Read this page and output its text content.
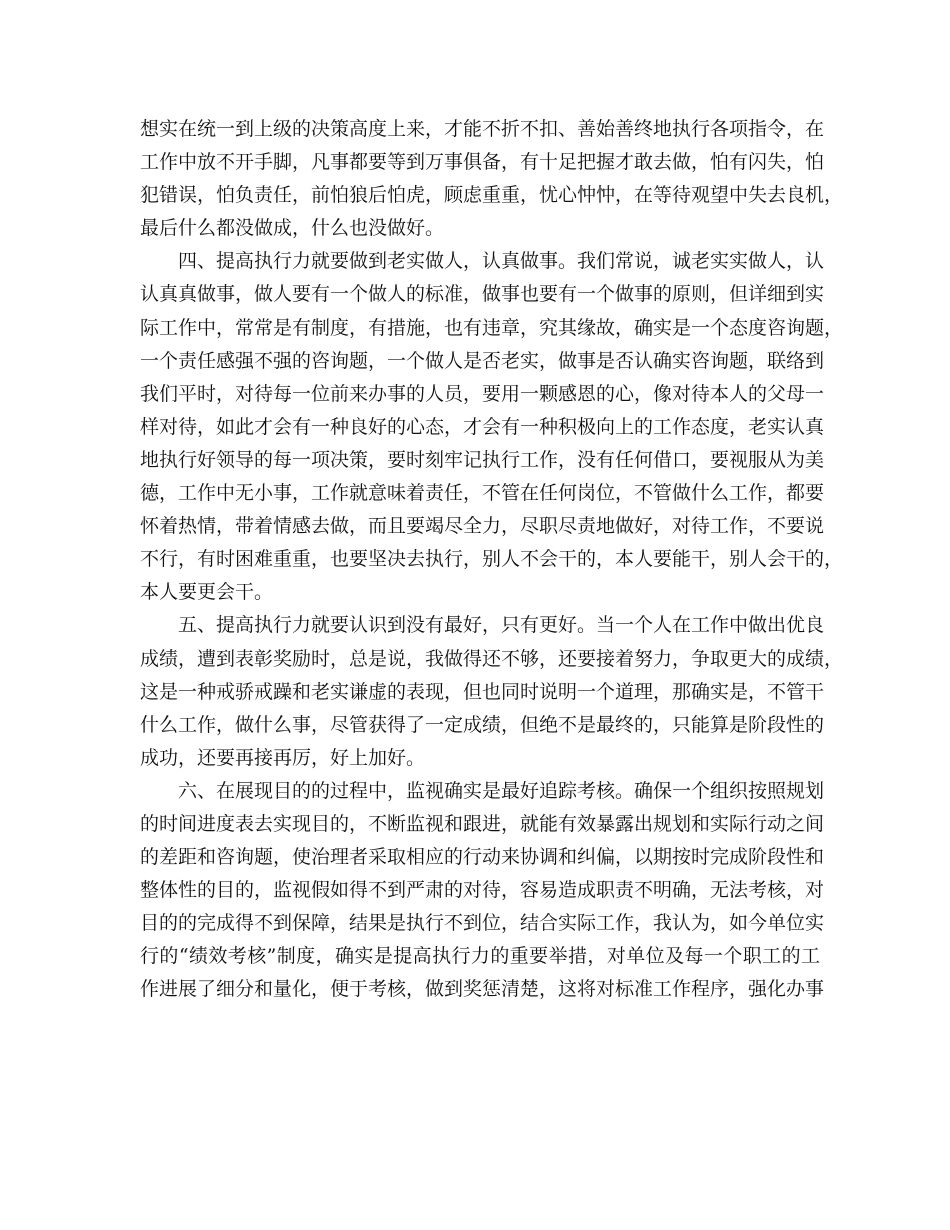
想实在统一到上级的决策高度上来，才能不折不扣、善始善终地执行各项指令，在
工作中放不开手脚，凡事都要等到万事俱备，有十足把握才敢去做，怕有闪失，怕
犯错误，怕负责任，前怕狼后怕虎，顾虑重重，忧心忡忡，在等待观望中失去良机，
最后什么都没做成，什么也没做好。
四、提高执行力就要做到老实做人，认真做事。我们常说，诚老实实做人，认
认真真做事，做人要有一个做人的标准，做事也要有一个做事的原则，但详细到实
际工作中，常常是有制度，有措施，也有违章，究其缘故，确实是一个态度咨询题，
一个责任感强不强的咨询题，一个做人是否老实，做事是否认确实咨询题，联络到
我们平时，对待每一位前来办事的人员，要用一颗感恩的心，像对待本人的父母一
样对待，如此才会有一种良好的心态，才会有一种积极向上的工作态度，老实认真
地执行好领导的每一项决策，要时刻牢记执行工作，没有任何借口，要视服从为美
德，工作中无小事，工作就意味着责任，不管在任何岗位，不管做什么工作，都要
怀着热情，带着情感去做，而且要竭尽全力，尽职尽责地做好，对待工作，不要说
不行，有时困难重重，也要坚决去执行，别人不会干的，本人要能干，别人会干的，
本人要更会干。
五、提高执行力就要认识到没有最好，只有更好。当一个人在工作中做出优良
成绩，遭到表彰奖励时，总是说，我做得还不够，还要接着努力，争取更大的成绩，
这是一种戒骄戒躁和老实谦虚的表现，但也同时说明一个道理，那确实是，不管干
什么工作，做什么事，尽管获得了一定成绩，但绝不是最终的，只能算是阶段性的
成功，还要再接再厉，好上加好。
六、在展现目的的过程中，监视确实是最好追踪考核。确保一个组织按照规划
的时间进度表去实现目的，不断监视和跟进，就能有效暴露出规划和实际行动之间
的差距和咨询题，使治理者采取相应的行动来协调和纠偏，以期按时完成阶段性和
整体性的目的，监视假如得不到严肃的对待，容易造成职责不明确，无法考核，对
目的的完成得不到保障，结果是执行不到位，结合实际工作，我认为，如今单位实
行的“绩效考核”制度，确实是提高执行力的重要举措，对单位及每一个职工的工
作进展了细分和量化，便于考核，做到奖惩清楚，这将对标准工作程序，强化办事
